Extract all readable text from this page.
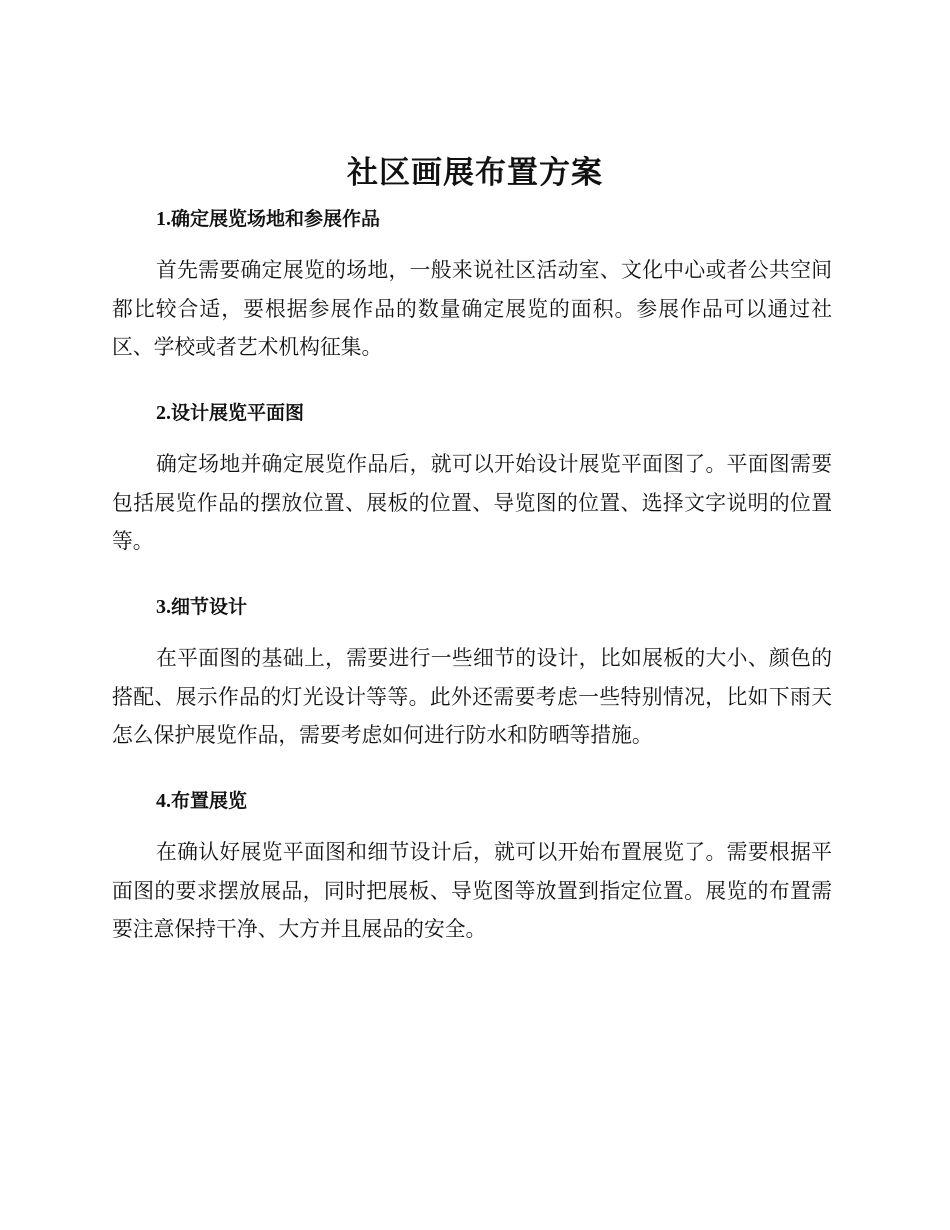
社区画展布置方案
1.确定展览场地和参展作品

首先需要确定展览的场地，一般来说社区活动室、文化中心或者公共空间都比较合适，要根据参展作品的数量确定展览的面积。参展作品可以通过社区、学校或者艺术机构征集。

2.设计展览平面图

确定场地并确定展览作品后，就可以开始设计展览平面图了。平面图需要包括展览作品的摆放位置、展板的位置、导览图的位置、选择文字说明的位置等。

3.细节设计

在平面图的基础上，需要进行一些细节的设计，比如展板的大小、颜色的搭配、展示作品的灯光设计等等。此外还需要考虑一些特别情况，比如下雨天怎么保护展览作品，需要考虑如何进行防水和防晒等措施。

4.布置展览

在确认好展览平面图和细节设计后，就可以开始布置展览了。需要根据平面图的要求摆放展品，同时把展板、导览图等放置到指定位置。展览的布置需要注意保持干净、大方并且展品的安全。
